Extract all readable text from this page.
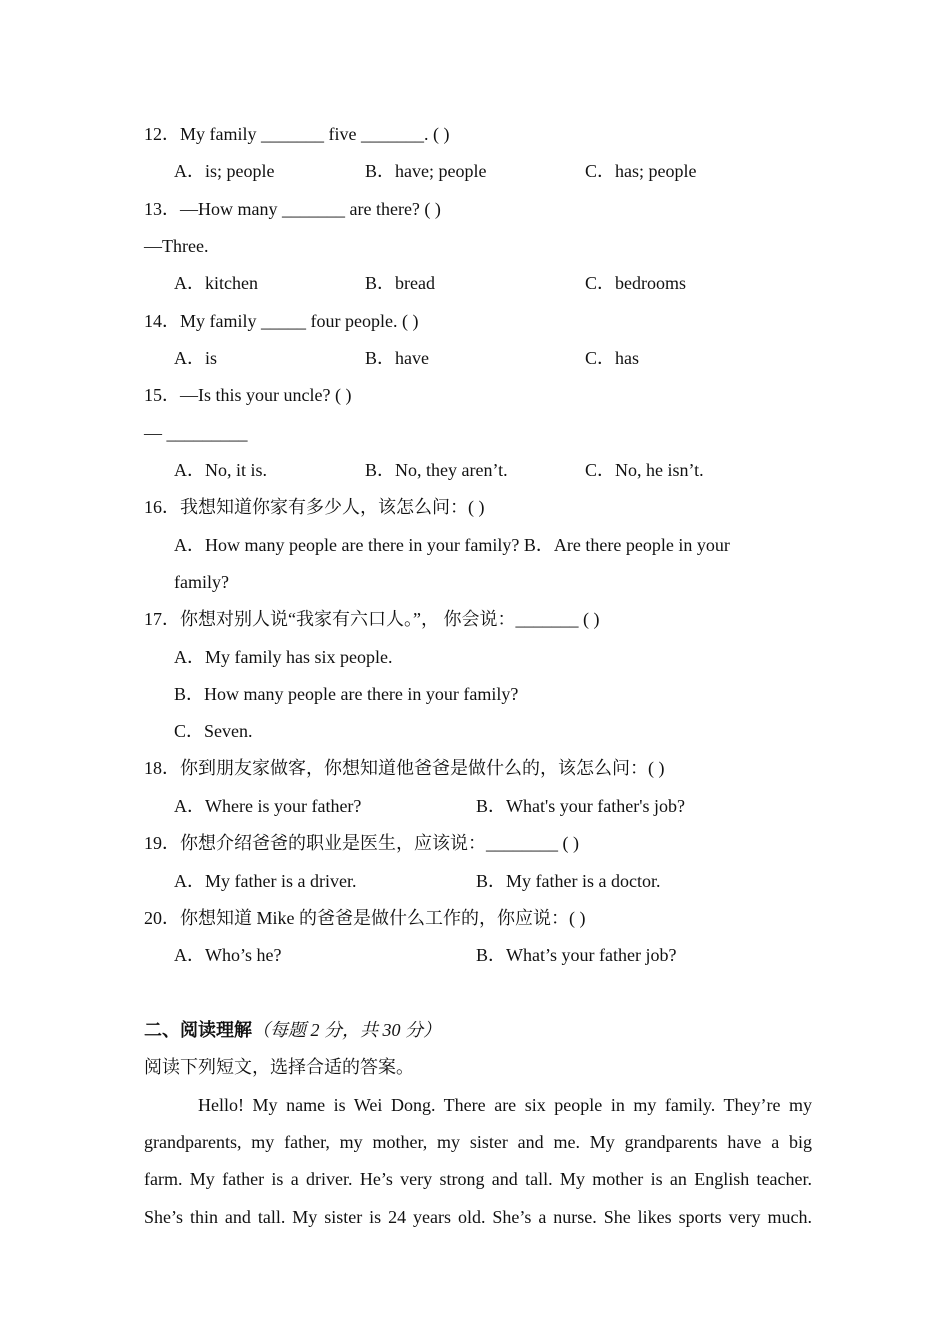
12．My family _______ five _______. ( )
A．is; people	B．have; people	C．has; people
13．—How many _______ are there? ( )
—Three.
A．kitchen	B．bread	C．bedrooms
14．My family _____ four people. ( )
A．is	B．have	C．has
15．—Is this your uncle? ( )
— _________
A．No, it is.	B．No, they aren’t.	C．No, he isn’t.
16．我想知道你家有多少人，该怎么问：( )
A．How many people are there in your family? B．Are there people in your
family?
17．你想对别人说“我家有六口人。”， 你会说：_______ ( )
A．My family has six people.
B．How many people are there in your family?
C．Seven.
18．你到朋友家做客，你想知道他爸爸是做什么的，该怎么问：( )
A．Where is your father?	B．What's your father's job?
19．你想介绍爸爸的职业是医生，应该说：________ ( )
A．My father is a driver.	B．My father is a doctor.
20．你想知道 Mike 的爸爸是做什么工作的，你应说：( )
A．Who’s he?	B．What’s your father job?
二、阅读理解（每题 2 分，共 30 分）
阅读下列短文，选择合适的答案。
Hello! My name is Wei Dong. There are six people in my family. They’re my
grandparents, my father, my mother, my sister and me. My grandparents have a big
farm. My father is a driver. He’s very strong and tall. My mother is an English teacher.
She’s thin and tall. My sister is 24 years old. She’s a nurse. She likes sports very much.
